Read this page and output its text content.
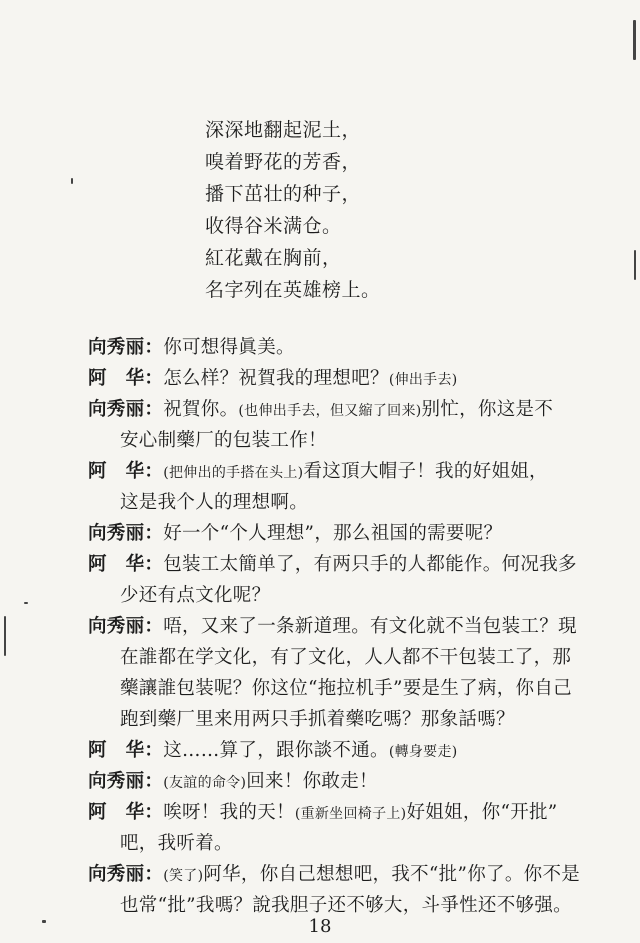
深深地翻起泥土，
嗅着野花的芳香，
播下茁壮的种子，
收得谷米满仓。
紅花戴在胸前，
名字列在英雄榜上。
向秀丽：你可想得眞美。
阿　华：怎么样？祝賀我的理想吧？(伸出手去)
向秀丽：祝賀你。(也伸出手去，但又縮了回来)别忙，你这是不
安心制藥厂的包装工作！
阿　华：(把伸出的手搭在头上)看这頂大帽子！我的好姐姐，
这是我个人的理想啊。
向秀丽：好一个“个人理想”，那么祖国的需要呢？
阿　华：包装工太簡单了，有两只手的人都能作。何况我多
少还有点文化呢？
向秀丽：唔，又来了一条新道理。有文化就不当包装工？現
在誰都在学文化，有了文化，人人都不干包装工了，那
藥讓誰包装呢？你这位“拖拉机手”要是生了病，你自己
跑到藥厂里来用两只手抓着藥吃嗎？那象話嗎？
阿　华：这……算了，跟你談不通。(轉身要走)
向秀丽：(友誼的命令)回来！你敢走！
阿　华：唉呀！我的天！(重新坐回椅子上)好姐姐，你“开批”
吧，我听着。
向秀丽：(笑了)阿华，你自己想想吧，我不“批”你了。你不是
也常“批”我嗎？說我胆子还不够大，斗爭性还不够强。
18
